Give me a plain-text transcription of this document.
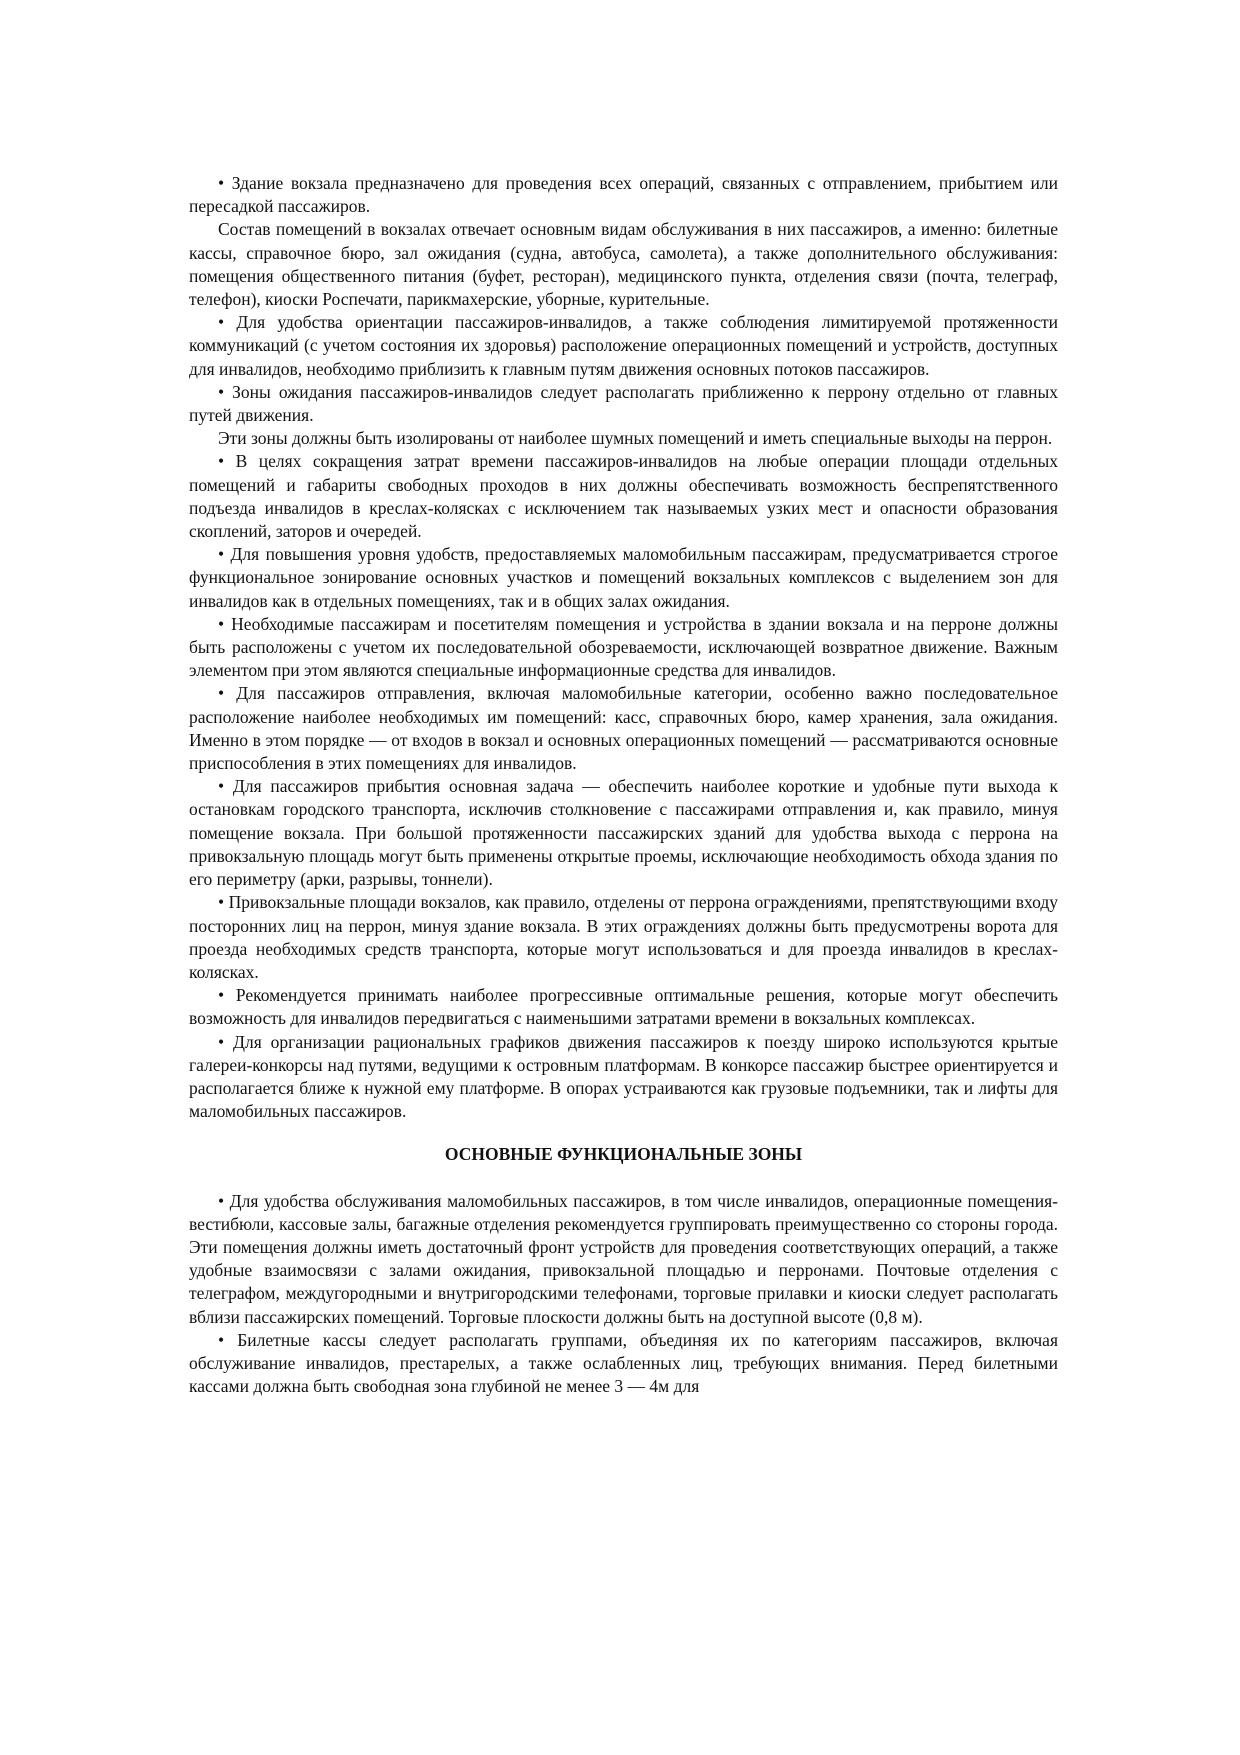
• Здание вокзала предназначено для проведения всех операций, связанных с отправлением, прибытием или пересадкой пассажиров.

Состав помещений в вокзалах отвечает основным видам обслуживания в них пассажиров, а именно: билетные кассы, справочное бюро, зал ожидания (судна, автобуса, самолета), а также дополнительного обслуживания: помещения общественного питания (буфет, ресторан), медицинского пункта, отделения связи (почта, телеграф, телефон), киоски Роспечати, парикмахерские, уборные, курительные.

• Для удобства ориентации пассажиров-инвалидов, а также соблюдения лимитируемой протяженности коммуникаций (с учетом состояния их здоровья) расположение операционных помещений и устройств, доступных для инвалидов, необходимо приблизить к главным путям движения основных потоков пассажиров.

• Зоны ожидания пассажиров-инвалидов следует располагать приближенно к перрону отдельно от главных путей движения.

Эти зоны должны быть изолированы от наиболее шумных помещений и иметь специальные выходы на перрон.

• В целях сокращения затрат времени пассажиров-инвалидов на любые операции площади отдельных помещений и габариты свободных проходов в них должны обеспечивать возможность беспрепятственного подъезда инвалидов в креслах-колясках с исключением так называемых узких мест и опасности образования скоплений, заторов и очередей.

• Для повышения уровня удобств, предоставляемых маломобильным пассажирам, предусматривается строгое функциональное зонирование основных участков и помещений вокзальных комплексов с выделением зон для инвалидов как в отдельных помещениях, так и в общих залах ожидания.

• Необходимые пассажирам и посетителям помещения и устройства в здании вокзала и на перроне должны быть расположены с учетом их последовательной обозреваемости, исключающей возвратное движение. Важным элементом при этом являются специальные информационные средства для инвалидов.

• Для пассажиров отправления, включая маломобильные категории, особенно важно последовательное расположение наиболее необходимых им помещений: касс, справочных бюро, камер хранения, зала ожидания. Именно в этом порядке — от входов в вокзал и основных операционных помещений — рассматриваются основные приспособления в этих помещениях для инвалидов.

• Для пассажиров прибытия основная задача — обеспечить наиболее короткие и удобные пути выхода к остановкам городского транспорта, исключив столкновение с пассажирами отправления и, как правило, минуя помещение вокзала. При большой протяженности пассажирских зданий для удобства выхода с перрона на привокзальную площадь могут быть применены открытые проемы, исключающие необходимость обхода здания по его периметру (арки, разрывы, тоннели).

• Привокзальные площади вокзалов, как правило, отделены от перрона ограждениями, препятствующими входу посторонних лиц на перрон, минуя здание вокзала. В этих ограждениях должны быть предусмотрены ворота для проезда необходимых средств транспорта, которые могут использоваться и для проезда инвалидов в креслах-колясках.

• Рекомендуется принимать наиболее прогрессивные оптимальные решения, которые могут обеспечить возможность для инвалидов передвигаться с наименьшими затратами времени в вокзальных комплексах.

• Для организации рациональных графиков движения пассажиров к поезду широко используются крытые галереи-конкорсы над путями, ведущими к островным платформам. В конкорсе пассажир быстрее ориентируется и располагается ближе к нужной ему платформе. В опорах устраиваются как грузовые подъемники, так и лифты для маломобильных пассажиров.

ОСНОВНЫЕ ФУНКЦИОНАЛЬНЫЕ ЗОНЫ

• Для удобства обслуживания маломобильных пассажиров, в том числе инвалидов, операционные помещения-вестибюли, кассовые залы, багажные отделения рекомендуется группировать преимущественно со стороны города. Эти помещения должны иметь достаточный фронт устройств для проведения соответствующих операций, а также удобные взаимосвязи с залами ожидания, привокзальной площадью и перронами. Почтовые отделения с телеграфом, междугородными и внутригородскими телефонами, торговые прилавки и киоски следует располагать вблизи пассажирских помещений. Торговые плоскости должны быть на доступной высоте (0,8 м).

• Билетные кассы следует располагать группами, объединяя их по категориям пассажиров, включая обслуживание инвалидов, престарелых, а также ослабленных лиц, требующих внимания. Перед билетными кассами должна быть свободная зона глубиной не менее 3 — 4м для
